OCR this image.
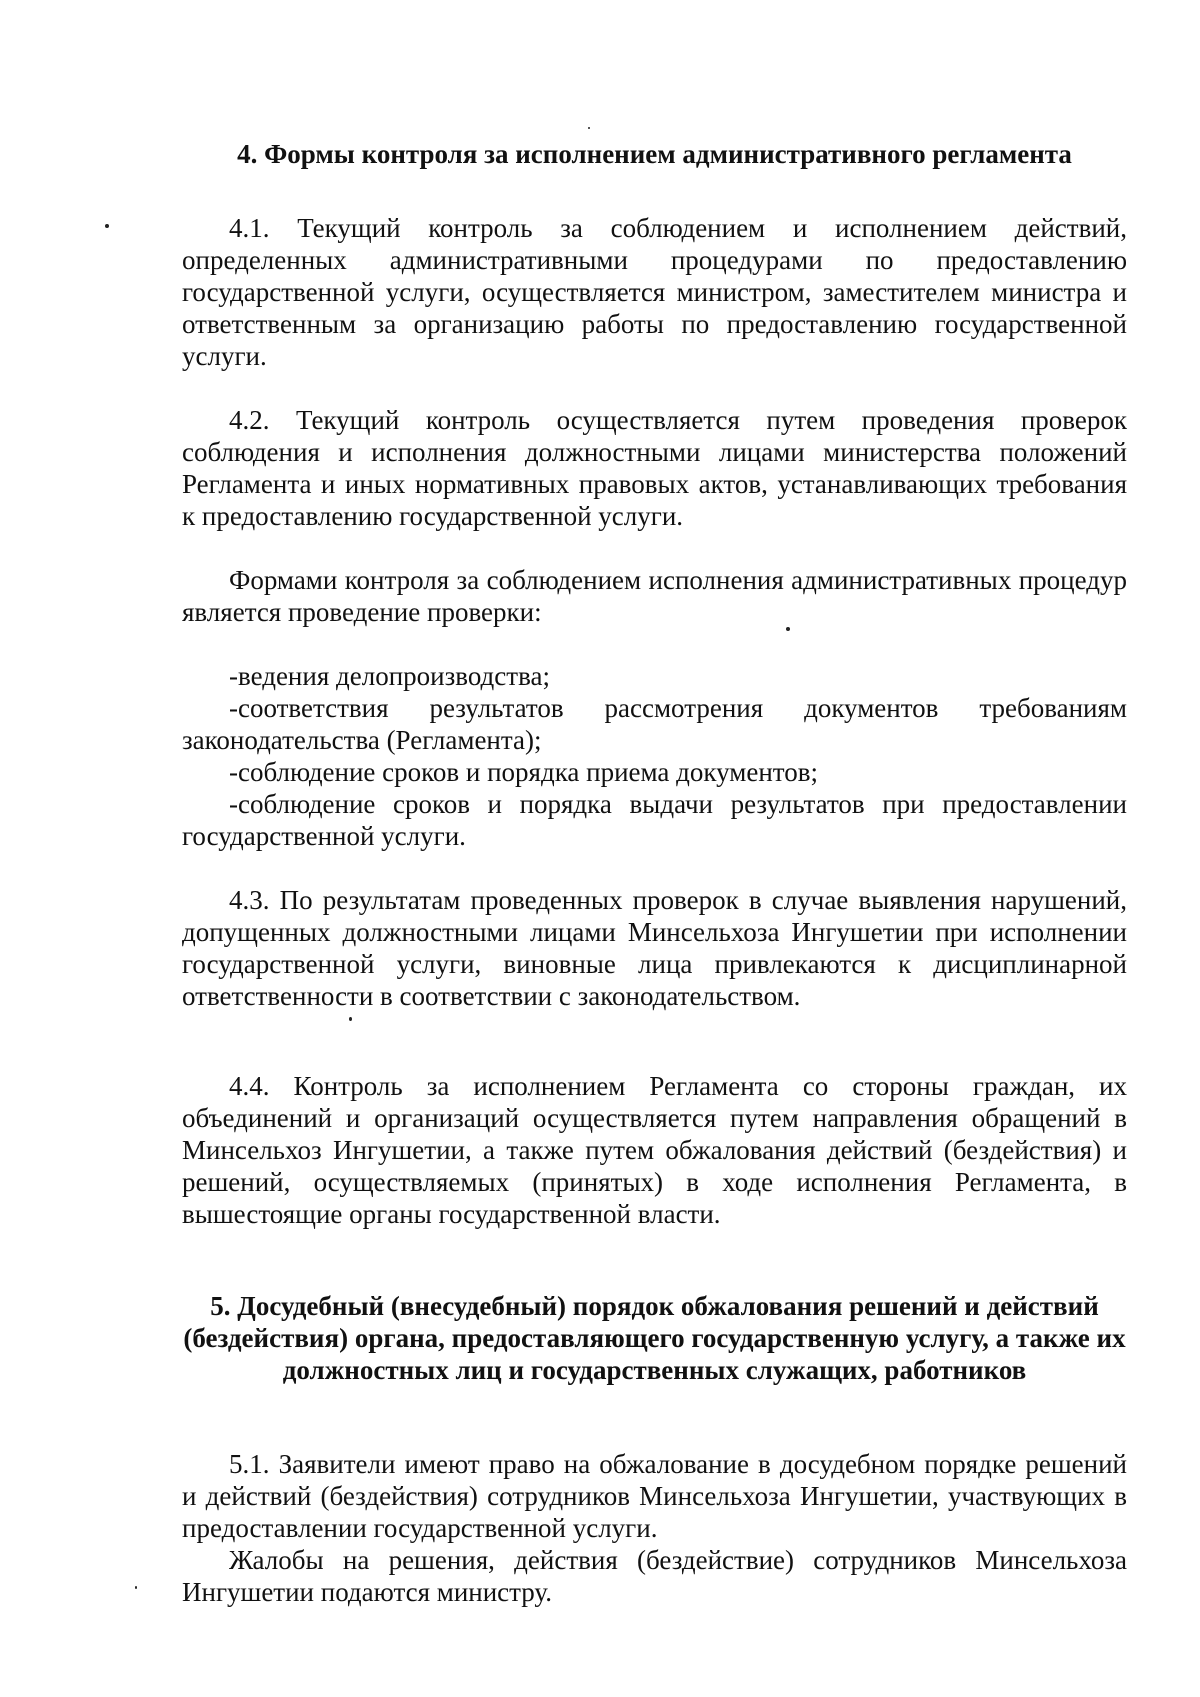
4. Формы контроля за исполнением административного регламента

4.1. Текущий контроль за соблюдением и исполнением действий, определенных административными процедурами по предоставлению государственной услуги, осуществляется министром, заместителем министра и ответственным за организацию работы по предоставлению государственной услуги.

4.2. Текущий контроль осуществляется путем проведения проверок соблюдения и исполнения должностными лицами министерства положений Регламента и иных нормативных правовых актов, устанавливающих требования к предоставлению государственной услуги.

Формами контроля за соблюдением исполнения административных процедур является проведение проверки:

-ведения делопроизводства;

-соответствия результатов рассмотрения документов требованиям законодательства (Регламента);

-соблюдение сроков и порядка приема документов;

-соблюдение сроков и порядка выдачи результатов при предоставлении государственной услуги.

4.3. По результатам проведенных проверок в случае выявления нарушений, допущенных должностными лицами Минсельхоза Ингушетии при исполнении государственной услуги, виновные лица привлекаются к дисциплинарной ответственности в соответствии с законодательством.

4.4. Контроль за исполнением Регламента со стороны граждан, их объединений и организаций осуществляется путем направления обращений в Минсельхоз Ингушетии, а также путем обжалования действий (бездействия) и решений, осуществляемых (принятых) в ходе исполнения Регламента, в вышестоящие органы государственной власти.

5. Досудебный (внесудебный) порядок обжалования решений и действий (бездействия) органа, предоставляющего государственную услугу, а также их должностных лиц и государственных служащих, работников

5.1. Заявители имеют право на обжалование в досудебном порядке решений и действий (бездействия) сотрудников Минсельхоза Ингушетии, участвующих в предоставлении государственной услуги.

Жалобы на решения, действия (бездействие) сотрудников Минсельхоза Ингушетии подаются министру.
